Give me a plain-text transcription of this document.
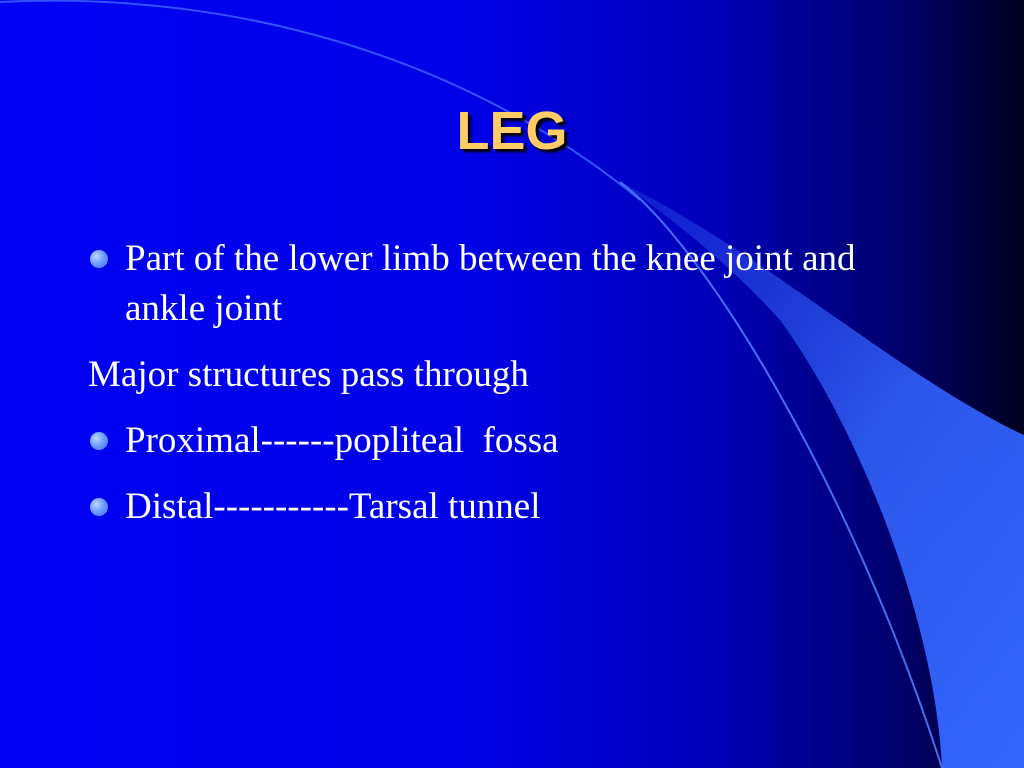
LEG
Part of the lower limb between the knee joint and ankle joint
Major structures pass through
Proximal------popliteal  fossa
Distal-----------Tarsal tunnel
